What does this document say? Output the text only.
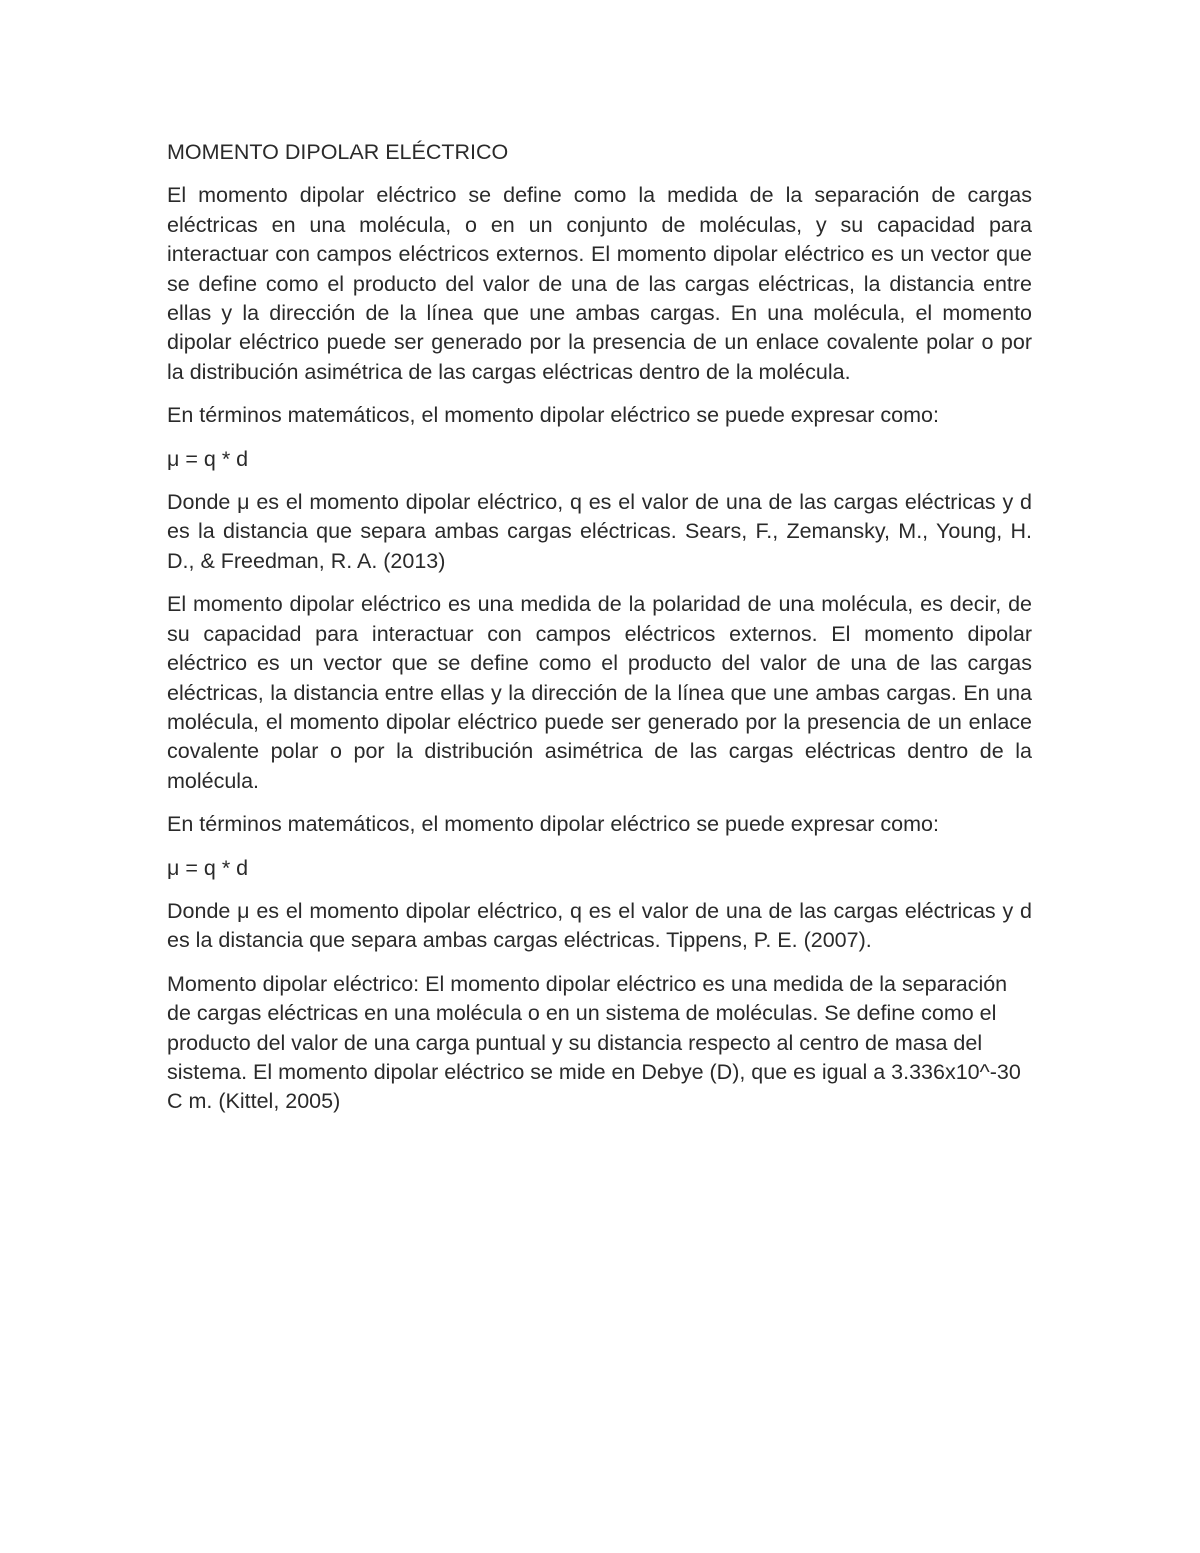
MOMENTO DIPOLAR ELÉCTRICO

El momento dipolar eléctrico se define como la medida de la separación de cargas eléctricas en una molécula, o en un conjunto de moléculas, y su capacidad para interactuar con campos eléctricos externos. El momento dipolar eléctrico es un vector que se define como el producto del valor de una de las cargas eléctricas, la distancia entre ellas y la dirección de la línea que une ambas cargas. En una molécula, el momento dipolar eléctrico puede ser generado por la presencia de un enlace covalente polar o por la distribución asimétrica de las cargas eléctricas dentro de la molécula.

En términos matemáticos, el momento dipolar eléctrico se puede expresar como:

μ = q * d

Donde μ es el momento dipolar eléctrico, q es el valor de una de las cargas eléctricas y d es la distancia que separa ambas cargas eléctricas. Sears, F., Zemansky, M., Young, H. D., & Freedman, R. A. (2013)

El momento dipolar eléctrico es una medida de la polaridad de una molécula, es decir, de su capacidad para interactuar con campos eléctricos externos. El momento dipolar eléctrico es un vector que se define como el producto del valor de una de las cargas eléctricas, la distancia entre ellas y la dirección de la línea que une ambas cargas. En una molécula, el momento dipolar eléctrico puede ser generado por la presencia de un enlace covalente polar o por la distribución asimétrica de las cargas eléctricas dentro de la molécula.

En términos matemáticos, el momento dipolar eléctrico se puede expresar como:

μ = q * d

Donde μ es el momento dipolar eléctrico, q es el valor de una de las cargas eléctricas y d es la distancia que separa ambas cargas eléctricas. Tippens, P. E. (2007).

Momento dipolar eléctrico: El momento dipolar eléctrico es una medida de la separación de cargas eléctricas en una molécula o en un sistema de moléculas. Se define como el producto del valor de una carga puntual y su distancia respecto al centro de masa del sistema. El momento dipolar eléctrico se mide en Debye (D), que es igual a 3.336x10^-30 C m. (Kittel, 2005)
